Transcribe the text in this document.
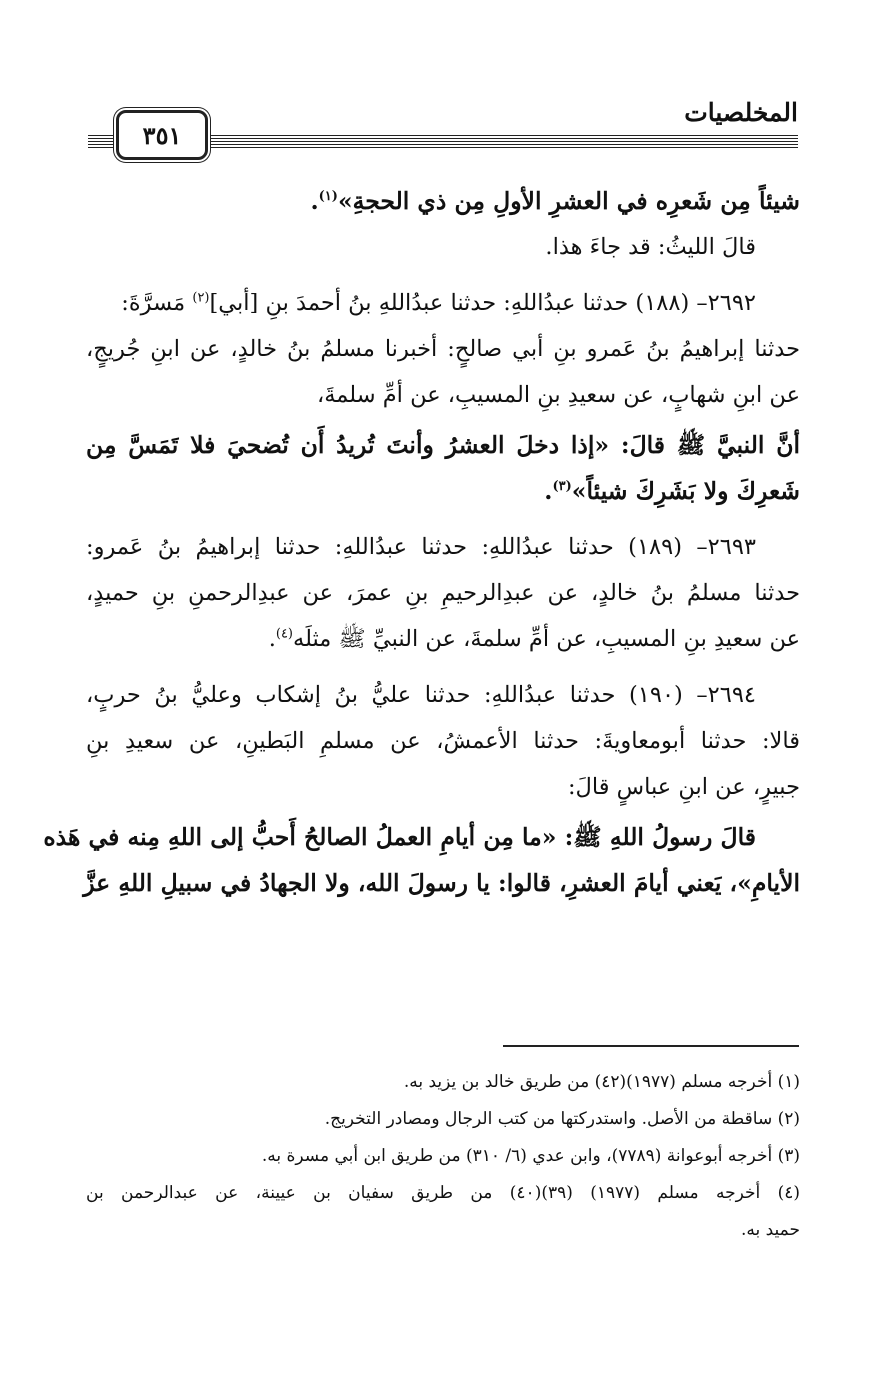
٣٥١
المخلصيات
شيئاً مِن شَعرِه في العشرِ الأولِ مِن ذي الحجةِ»$^{(١)}$.
قالَ الليثُ: قد جاءَ هذا.
٢٦٩٢– (١٨٨) حدثنا عبدُاللهِ: حدثنا عبدُاللهِ بنُ أحمدَ بنِ [أبي]$^{(٢)}$ مَسرَّةَ:
حدثنا إبراهيمُ بنُ عَمرو بنِ أبي صالحٍ: أخبرنا مسلمُ بنُ خالدٍ، عن ابنِ جُريجٍ،
عن ابنِ شهابٍ، عن سعيدِ بنِ المسيبِ، عن أمِّ سلمةَ،
أنَّ النبيَّ ﷺ قالَ: «إذا دخلَ العشرُ وأنتَ تُريدُ أَن تُضحيَ فلا تَمَسَّ مِن
شَعرِكَ ولا بَشَرِكَ شيئاً»$^{(٣)}$.
٢٦٩٣– (١٨٩) حدثنا عبدُاللهِ: حدثنا عبدُاللهِ: حدثنا إبراهيمُ بنُ عَمرو:
حدثنا مسلمُ بنُ خالدٍ، عن عبدِالرحيمِ بنِ عمرَ، عن عبدِالرحمنِ بنِ حميدٍ،
عن سعيدِ بنِ المسيبِ، عن أمِّ سلمةَ، عن النبيِّ ﷺ مثلَه$^{(٤)}$.
٢٦٩٤– (١٩٠) حدثنا عبدُاللهِ: حدثنا عليُّ بنُ إشكاب وعليُّ بنُ حربٍ،
قالا: حدثنا أبومعاويةَ: حدثنا الأعمشُ، عن مسلمِ البَطينِ، عن سعيدِ بنِ
جبيرٍ، عن ابنِ عباسٍ قالَ:
قالَ رسولُ اللهِ ﷺ: «ما مِن أيامِ العملُ الصالحُ أَحبُّ إلى اللهِ مِنه في هَذه
الأيامِ»، يَعني أيامَ العشرِ، قالوا: يا رسولَ الله، ولا الجهادُ في سبيلِ اللهِ عزَّ
(١) أخرجه مسلم (١٩٧٧)(٤٢) من طريق خالد بن يزيد به.
(٢) ساقطة من الأصل. واستدركتها من كتب الرجال ومصادر التخريج.
(٣) أخرجه أبوعوانة (٧٧٨٩)، وابن عدي (٦/ ٣١٠) من طريق ابن أبي مسرة به.
(٤) أخرجه مسلم (١٩٧٧) (٣٩)(٤٠) من طريق سفيان بن عيينة، عن عبدالرحمن بن
حميد به.
